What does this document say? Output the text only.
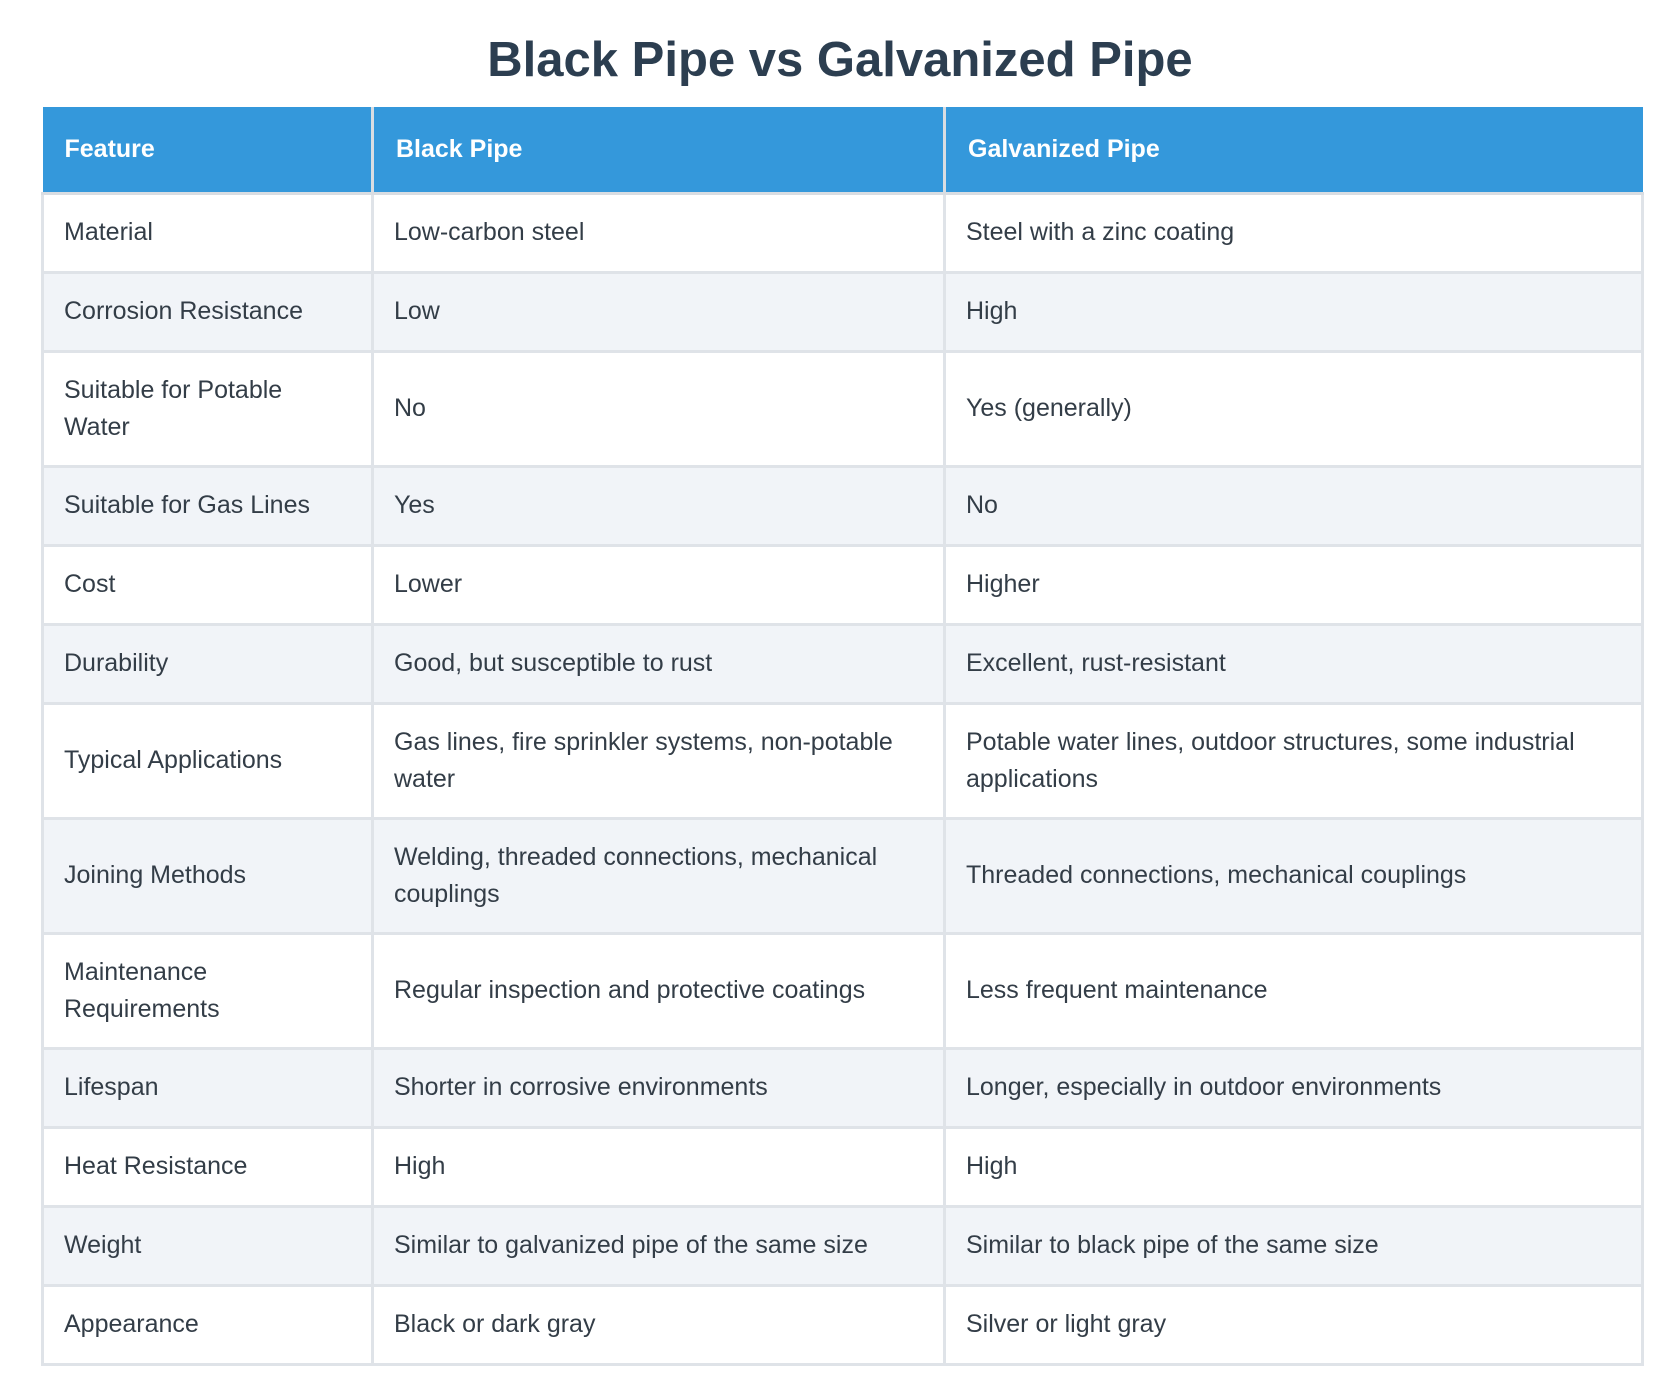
Black Pipe vs Galvanized Pipe
Feature	Black Pipe	Galvanized Pipe
Material	Low-carbon steel	Steel with a zinc coating
Corrosion Resistance	Low	High
Suitable for Potable Water	No	Yes (generally)
Suitable for Gas Lines	Yes	No
Cost	Lower	Higher
Durability	Good, but susceptible to rust	Excellent, rust-resistant
Typical Applications	Gas lines, fire sprinkler systems, non-potable water	Potable water lines, outdoor structures, some industrial applications
Joining Methods	Welding, threaded connections, mechanical couplings	Threaded connections, mechanical couplings
Maintenance Requirements	Regular inspection and protective coatings	Less frequent maintenance
Lifespan	Shorter in corrosive environments	Longer, especially in outdoor environments
Heat Resistance	High	High
Weight	Similar to galvanized pipe of the same size	Similar to black pipe of the same size
Appearance	Black or dark gray	Silver or light gray
